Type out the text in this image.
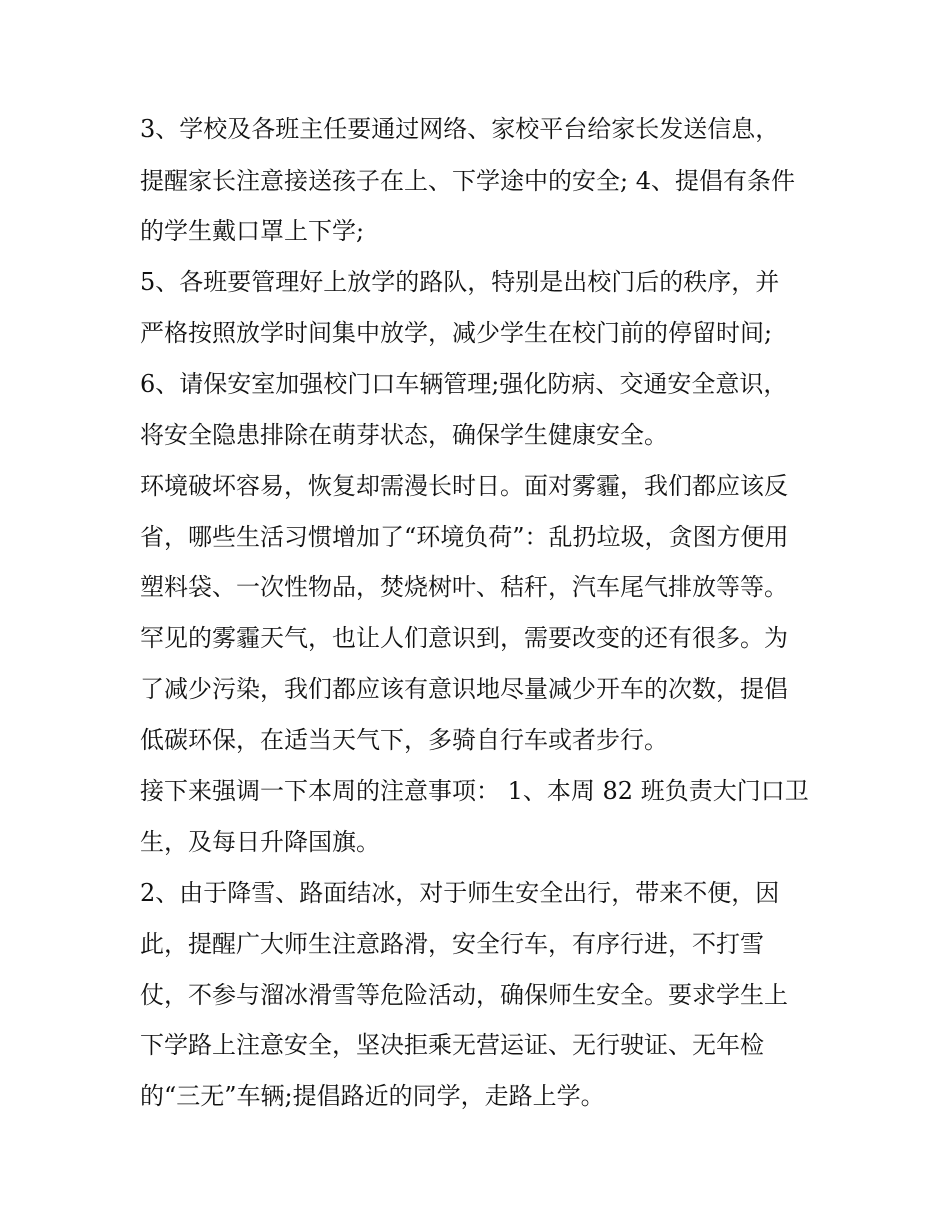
3、学校及各班主任要通过网络、家校平台给家长发送信息，
提醒家长注意接送孩子在上、下学途中的安全; 4、提倡有条件
的学生戴口罩上下学;
5、各班要管理好上放学的路队，特别是出校门后的秩序，并
严格按照放学时间集中放学，减少学生在校门前的停留时间;
6、请保安室加强校门口车辆管理;强化防病、交通安全意识，
将安全隐患排除在萌芽状态，确保学生健康安全。
环境破坏容易，恢复却需漫长时日。面对雾霾，我们都应该反
省，哪些生活习惯增加了“环境负荷”：乱扔垃圾，贪图方便用
塑料袋、一次性物品，焚烧树叶、秸秆，汽车尾气排放等等。
罕见的雾霾天气，也让人们意识到，需要改变的还有很多。为
了减少污染，我们都应该有意识地尽量减少开车的次数，提倡
低碳环保，在适当天气下，多骑自行车或者步行。
接下来强调一下本周的注意事项： 1、本周 82 班负责大门口卫
生，及每日升降国旗。
2、由于降雪、路面结冰，对于师生安全出行，带来不便，因
此，提醒广大师生注意路滑，安全行车，有序行进，不打雪
仗，不参与溜冰滑雪等危险活动，确保师生安全。要求学生上
下学路上注意安全，坚决拒乘无营运证、无行驶证、无年检
的“三无”车辆;提倡路近的同学，走路上学。
